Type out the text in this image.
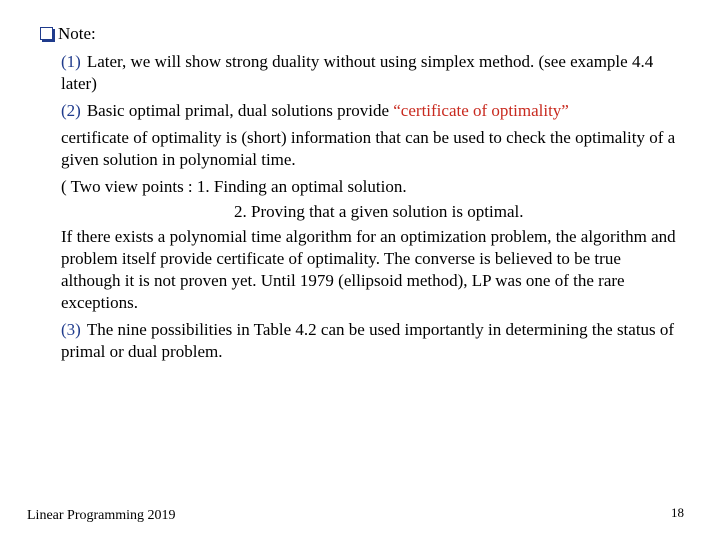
Note:

(1) Later, we will show strong duality without using simplex method. (see example 4.4 later)

(2) Basic optimal primal, dual solutions provide “certificate of optimality”

certificate of optimality is (short) information that can be used to check the optimality of a given solution in polynomial time.

( Two view points : 1. Finding an optimal solution.

2. Proving that a given solution is optimal.

If there exists a polynomial time algorithm for an optimization problem, the algorithm and problem itself provide certificate of optimality. The converse is believed to be true although it is not proven yet. Until 1979 (ellipsoid method), LP was one of the rare exceptions.

(3) The nine possibilities in Table 4.2 can be used importantly in determining the status of primal or dual problem.

Linear Programming 2019	18
